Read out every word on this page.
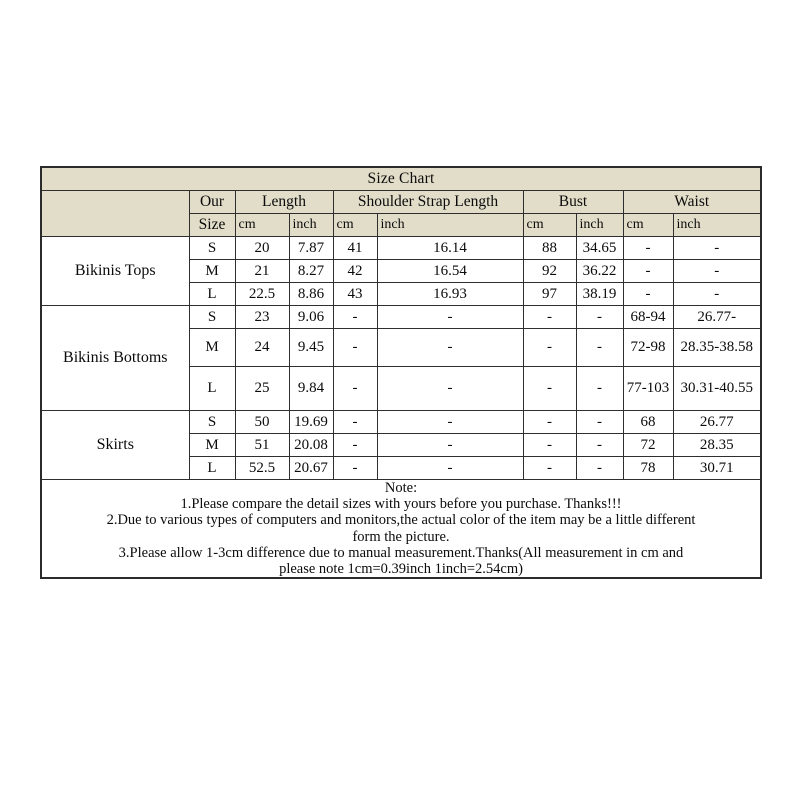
Size Chart									
	Our	Length		Shoulder Strap Length		Bust		Waist	
	Size	cm	inch	cm	inch	cm	inch	cm	inch
Bikinis Tops	S	20	7.87	41	16.14	88	34.65	-	-
	M	21	8.27	42	16.54	92	36.22	-	-
	L	22.5	8.86	43	16.93	97	38.19	-	-
Bikinis Bottoms	S	23	9.06	-	-	-	-	68-94	26.77-
	M	24	9.45	-	-	-	-	72-98	28.35-38.58
	L	25	9.84	-	-	-	-	77-103	30.31-40.55
Skirts	S	50	19.69	-	-	-	-	68	26.77
	M	51	20.08	-	-	-	-	72	28.35
	L	52.5	20.67	-	-	-	-	78	30.71

Note:
1.Please compare the detail sizes with yours before you purchase. Thanks!!!
2.Due to various types of computers and monitors,the actual color of the item may be a little different
form the picture.
3.Please allow 1-3cm difference due to manual measurement.Thanks(All measurement in cm and
please note 1cm=0.39inch 1inch=2.54cm)
